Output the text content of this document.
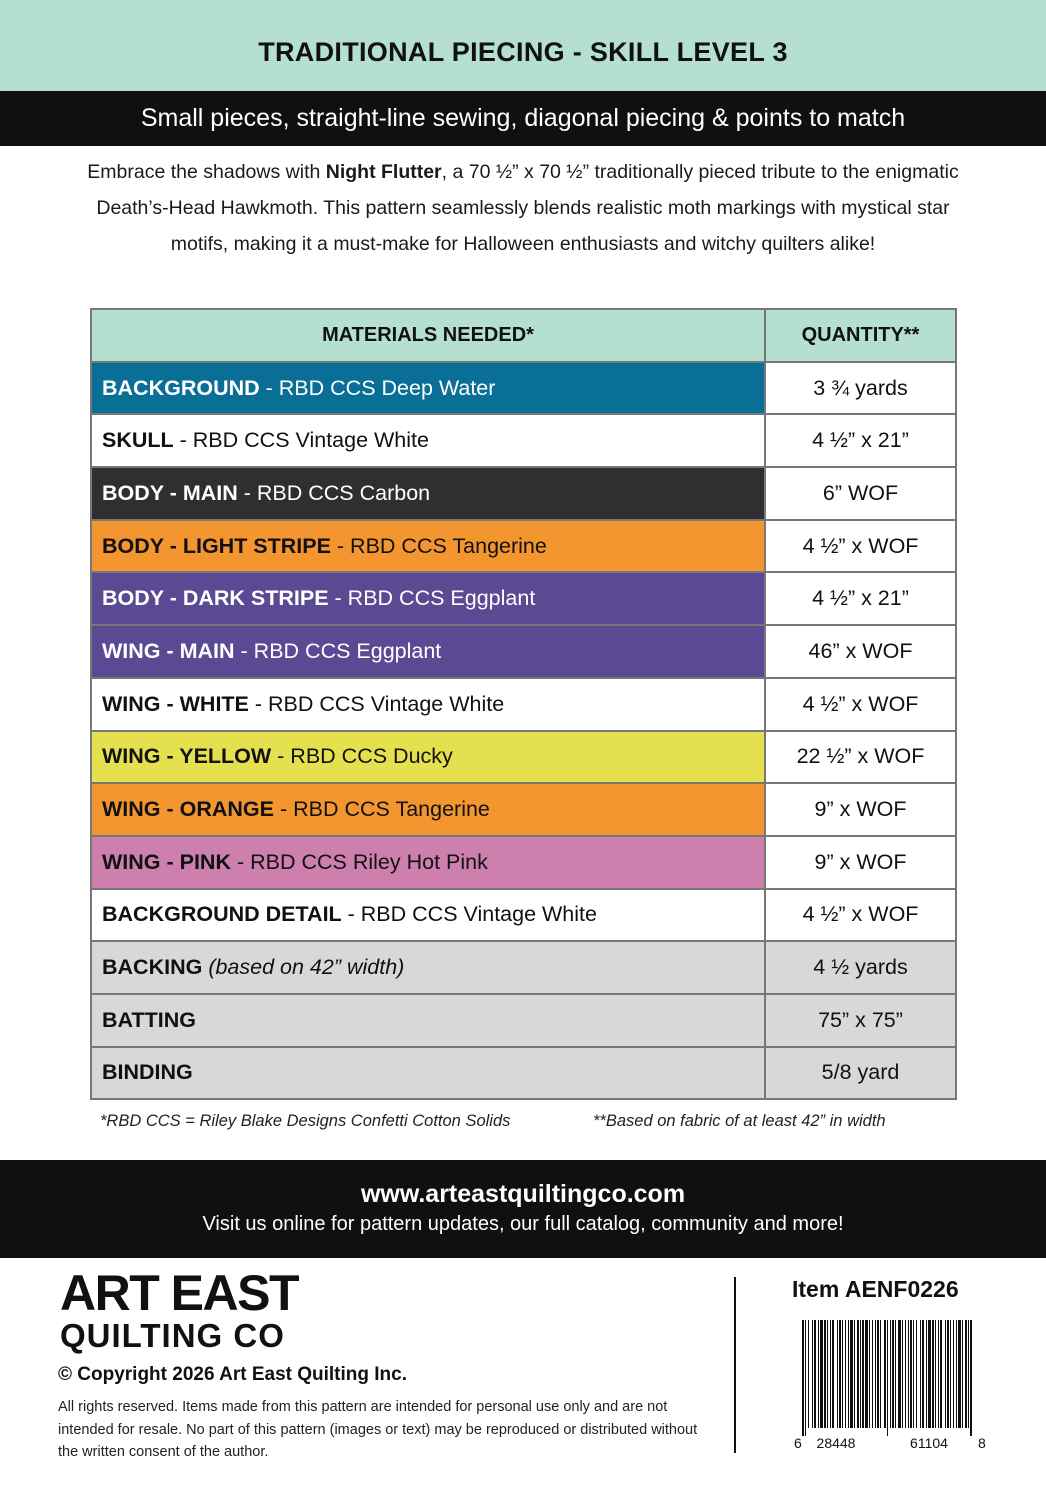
TRADITIONAL PIECING - SKILL LEVEL 3

Small pieces, straight-line sewing, diagonal piecing & points to match

Embrace the shadows with Night Flutter, a 70 ½” x 70 ½” traditionally pieced tribute to the enigmatic Death’s-Head Hawkmoth. This pattern seamlessly blends realistic moth markings with mystical star motifs, making it a must-make for Halloween enthusiasts and witchy quilters alike!
MATERIALS NEEDED*	QUANTITY**
BACKGROUND - RBD CCS Deep Water	3 ¾ yards
SKULL - RBD CCS Vintage White	4 ½” x 21”
BODY - MAIN - RBD CCS Carbon	6” WOF
BODY - LIGHT STRIPE - RBD CCS Tangerine	4 ½” x WOF
BODY - DARK STRIPE - RBD CCS Eggplant	4 ½” x 21”
WING - MAIN - RBD CCS Eggplant	46” x WOF
WING - WHITE - RBD CCS Vintage White	4 ½” x WOF
WING - YELLOW - RBD CCS Ducky	22 ½” x WOF
WING - ORANGE - RBD CCS Tangerine	9” x WOF
WING - PINK - RBD CCS Riley Hot Pink	9” x WOF
BACKGROUND DETAIL - RBD CCS Vintage White	4 ½” x WOF
BACKING (based on 42” width)	4 ½ yards
BATTING	75” x 75”
BINDING	5/8 yard
*RBD CCS = Riley Blake Designs Confetti Cotton Solids	**Based on fabric of at least 42” in width
www.arteastquiltingco.com
Visit us online for pattern updates, our full catalog, community and more!
ART EAST
QUILTING CO
© Copyright 2026 Art East Quilting Inc.
All rights reserved. Items made from this pattern are intended for personal use only and are not intended for resale. No part of this pattern (images or text) may be reproduced or distributed without the written consent of the author.
Item AENF0226
6 28448	61104 8
